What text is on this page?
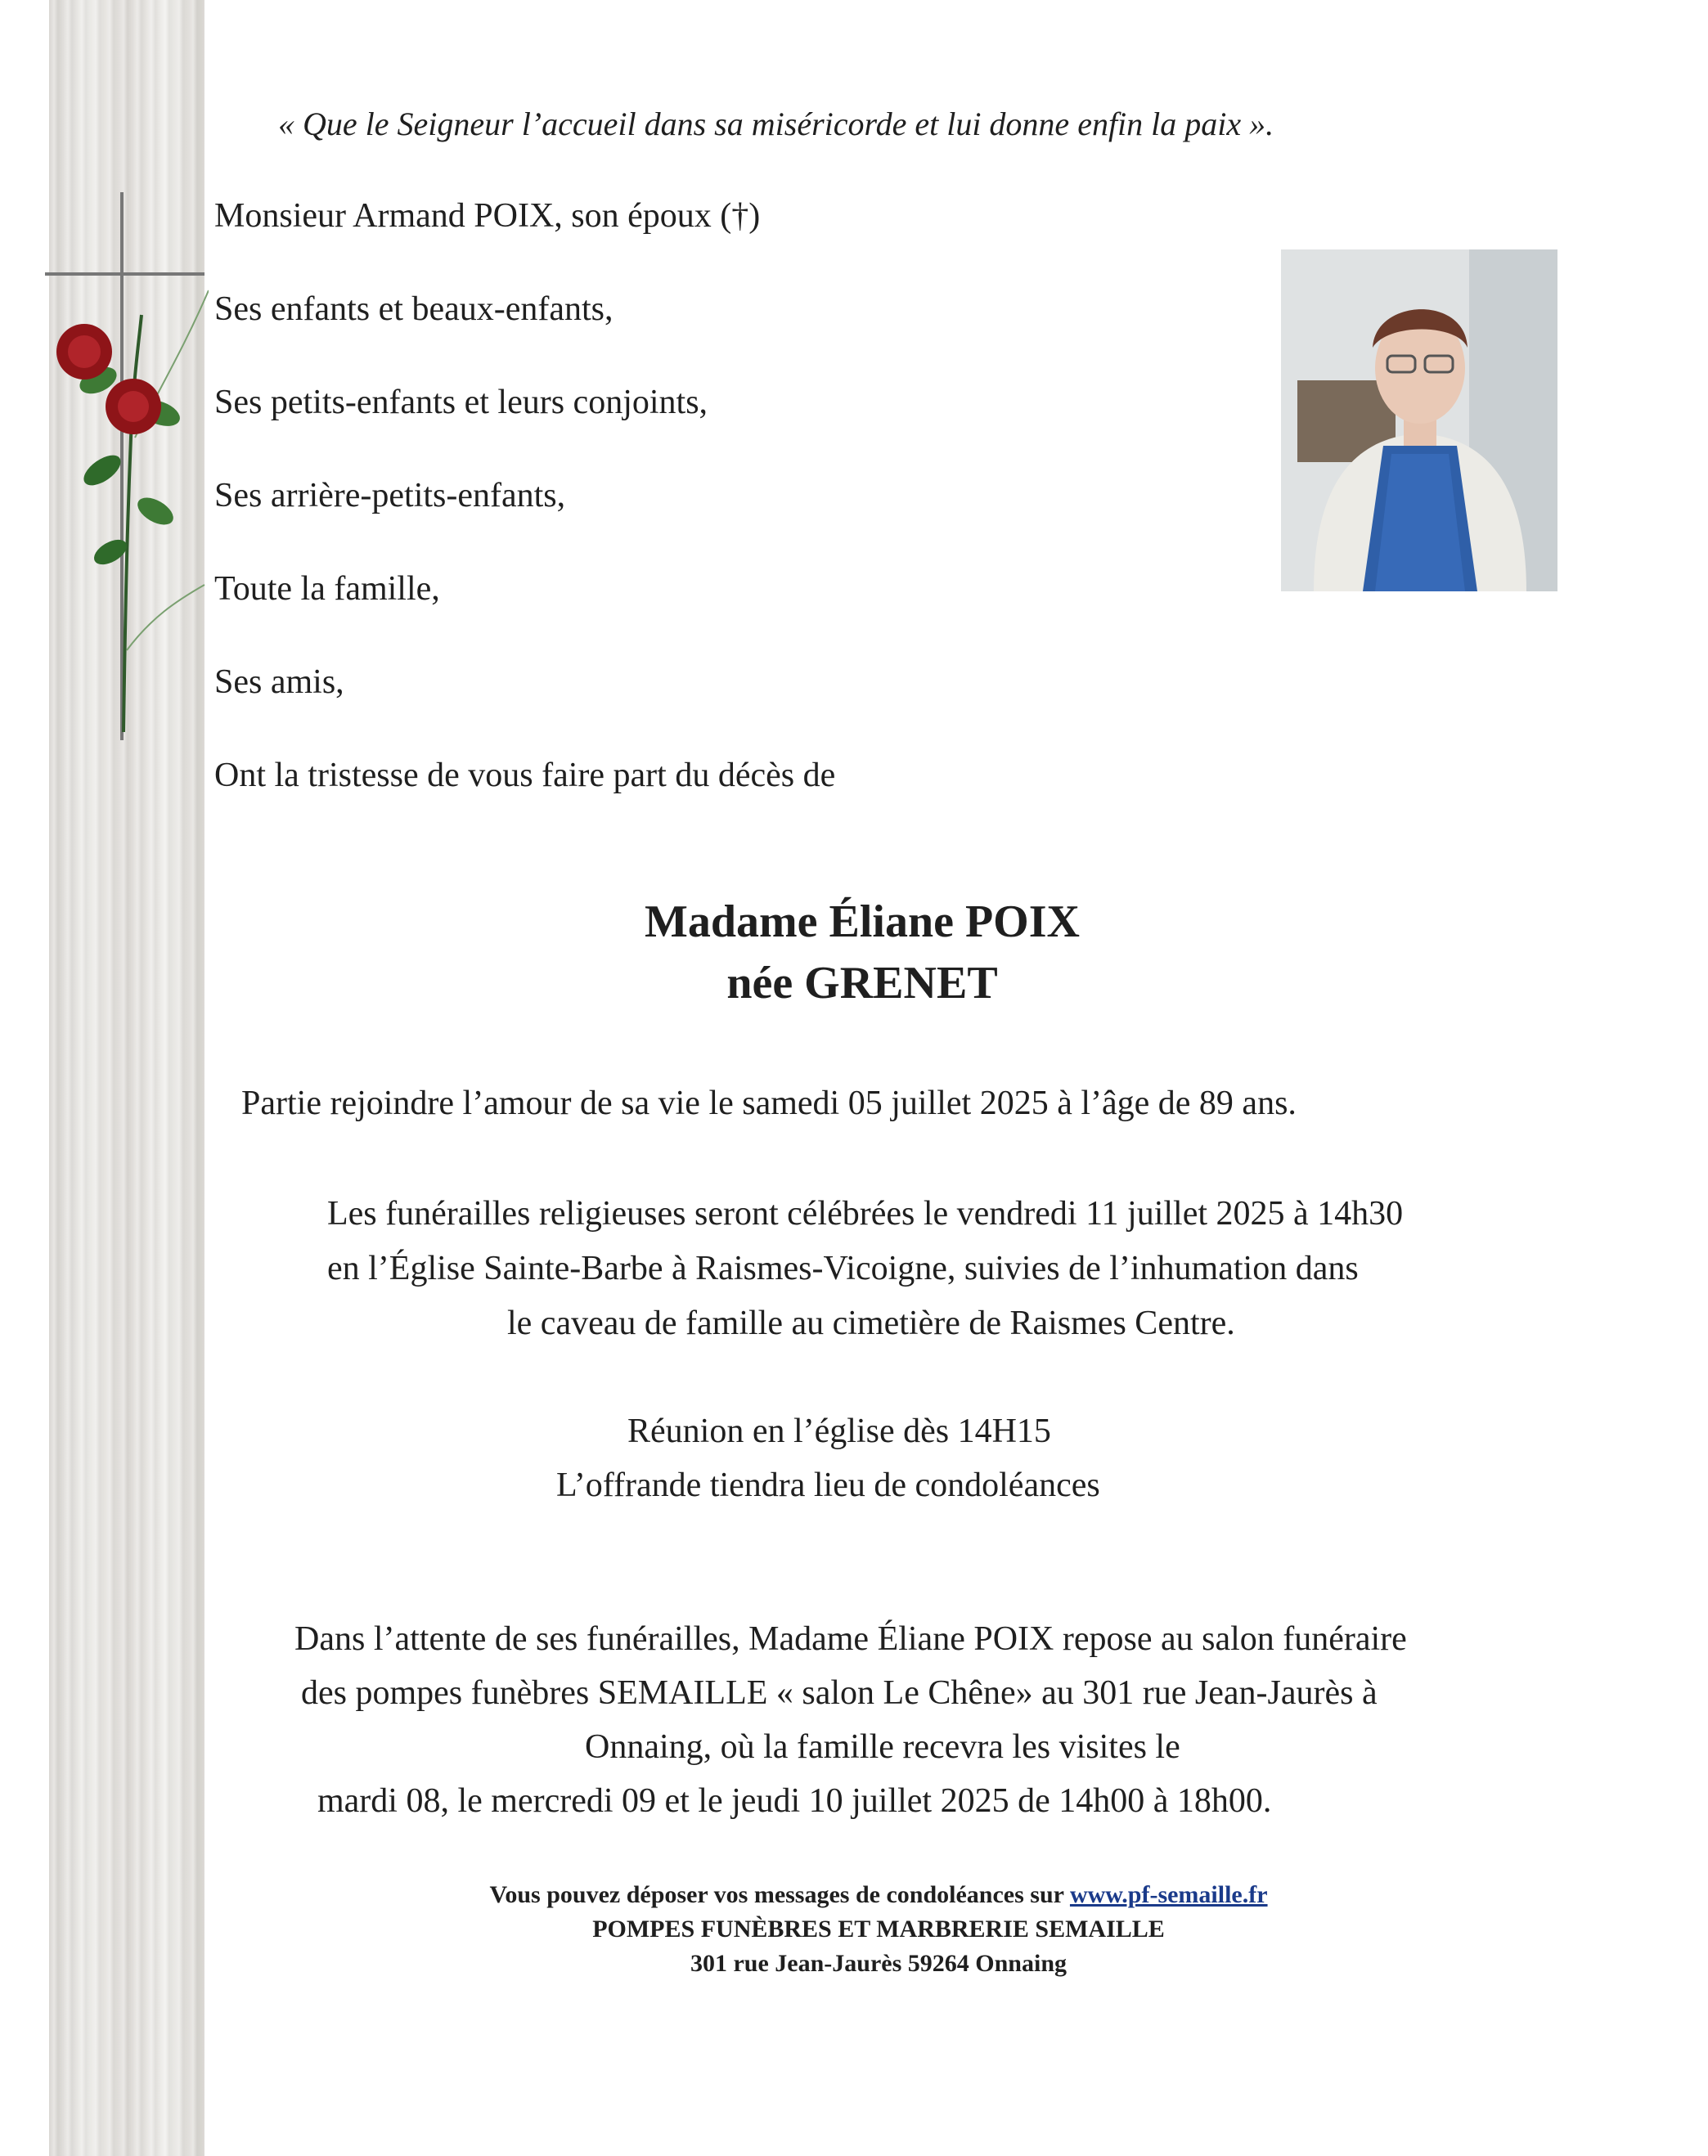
« Que le Seigneur l’accueil dans sa miséricorde et lui donne enfin la paix ».
Monsieur Armand POIX, son époux (†)
Ses enfants et beaux-enfants,
Ses petits-enfants et leurs conjoints,
Ses arrière-petits-enfants,
Toute la famille,
Ses amis,
Ont la tristesse de vous faire part du décès de
Madame Éliane POIX
née GRENET
Partie rejoindre l’amour de sa vie le samedi 05 juillet 2025 à l’âge de 89 ans.
Les funérailles religieuses seront célébrées le vendredi 11 juillet 2025 à 14h30
en l’Église Sainte-Barbe à Raismes-Vicoigne, suivies de l’inhumation dans
le caveau de famille au cimetière de Raismes Centre.
Réunion en l’église dès 14H15
L’offrande tiendra lieu de condoléances
Dans l’attente de ses funérailles, Madame Éliane POIX repose au salon funéraire
des pompes funèbres SEMAILLE « salon Le Chêne» au 301 rue Jean-Jaurès à
Onnaing, où la famille recevra les visites le
mardi 08, le mercredi 09 et le jeudi 10 juillet 2025 de 14h00 à 18h00.
Vous pouvez déposer vos messages de condoléances sur www.pf-semaille.fr
POMPES FUNÈBRES ET MARBRERIE SEMAILLE
301 rue Jean-Jaurès 59264 Onnaing
